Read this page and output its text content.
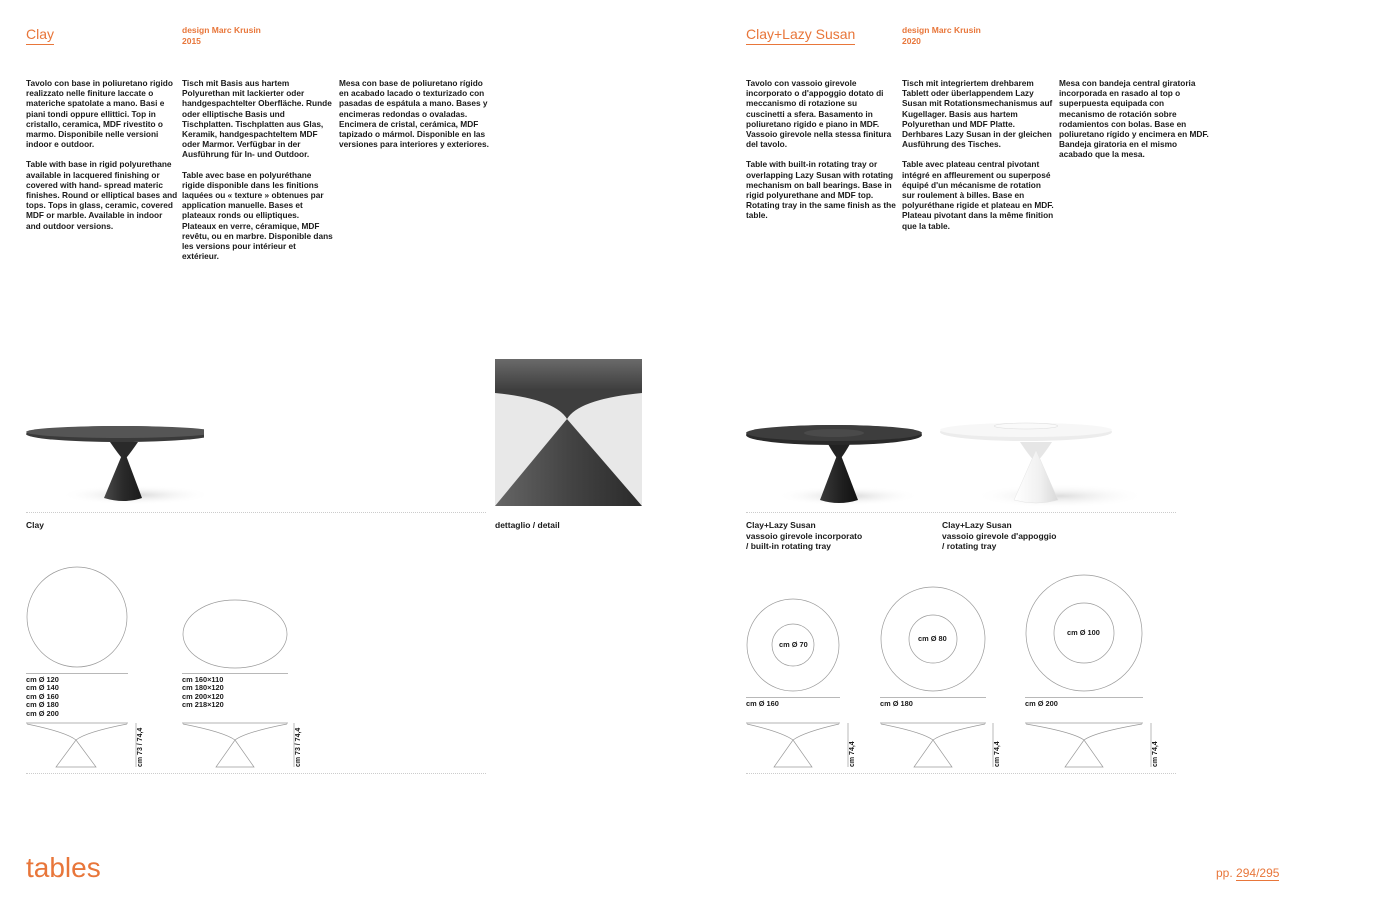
Clay	design Marc Krusin
2015

Tavolo con base in poliuretano rigido realizzato nelle finiture laccate o materiche spatolate a mano. Basi e piani tondi oppure ellittici. Top in cristallo, ceramica, MDF rivestito o marmo. Disponibile nelle versioni indoor e outdoor.

Table with base in rigid polyurethane available in lacquered finishing or covered with hand- spread materic finishes. Round or elliptical bases and tops. Tops in glass, ceramic, covered MDF or marble. Available in indoor and outdoor versions.

Tisch mit Basis aus hartem Polyurethan mit lackierter oder handgespachtelter Oberfläche. Runde oder elliptische Basis und Tischplatten. Tischplatten aus Glas, Keramik, handgespachteltem MDF oder Marmor. Verfügbar in der Ausführung für In- und Outdoor.

Table avec base en polyuréthane rigide disponible dans les finitions laquées ou « texture » obtenues par application manuelle. Bases et plateaux ronds ou elliptiques. Plateaux en verre, céramique, MDF revêtu, ou en marbre. Disponible dans les versions pour intérieur et extérieur.

Mesa con base de poliuretano rígido en acabado lacado o texturizado con pasadas de espátula a mano. Bases y encimeras redondas o ovaladas. Encimera de cristal, cerámica, MDF tapizado o mármol. Disponible en las versiones para interiores y exteriores.

Clay+Lazy Susan	design Marc Krusin
2020

Tavolo con vassoio girevole incorporato o d'appoggio dotato di meccanismo di rotazione su cuscinetti a sfera. Basamento in poliuretano rigido e piano in MDF. Vassoio girevole nella stessa finitura del tavolo.

Table with built-in rotating tray or overlapping Lazy Susan with rotating mechanism on ball bearings. Base in rigid polyurethane and MDF top. Rotating tray in the same finish as the table.

Tisch mit integriertem drehbarem Tablett oder überlappendem Lazy Susan mit Rotationsmechanismus auf Kugellager. Basis aus hartem Polyurethan und MDF Platte. Derhbares Lazy Susan in der gleichen Ausführung des Tisches.

Table avec plateau central pivotant intégré en affleurement ou superposé équipé d'un mécanisme de rotation sur roulement à billes. Base en polyuréthane rigide et plateau en MDF. Plateau pivotant dans la même finition que la table.

Mesa con bandeja central giratoria incorporada en rasado al top o superpuesta equipada con mecanismo de rotación sobre rodamientos con bolas. Base en poliuretano rígido y encimera en MDF. Bandeja giratoria en el mismo acabado que la mesa.

Clay	dettaglio / detail	Clay+Lazy Susan
vassoio girevole incorporato
/ built-in rotating tray
Clay+Lazy Susan
vassoio girevole d'appoggio
/ rotating tray
cm Ø 120
cm Ø 140
cm Ø 160
cm Ø 180
cm Ø 200
cm 160×110
cm 180×120
cm 200×120
cm 218×120
cm 73 / 74,4	cm 73 / 74,4
cm Ø 70
cm Ø 80
cm Ø 100
cm Ø 160	cm Ø 180	cm Ø 200
cm 74,4	cm 74,4	cm 74,4
tables	pp. 294/295
